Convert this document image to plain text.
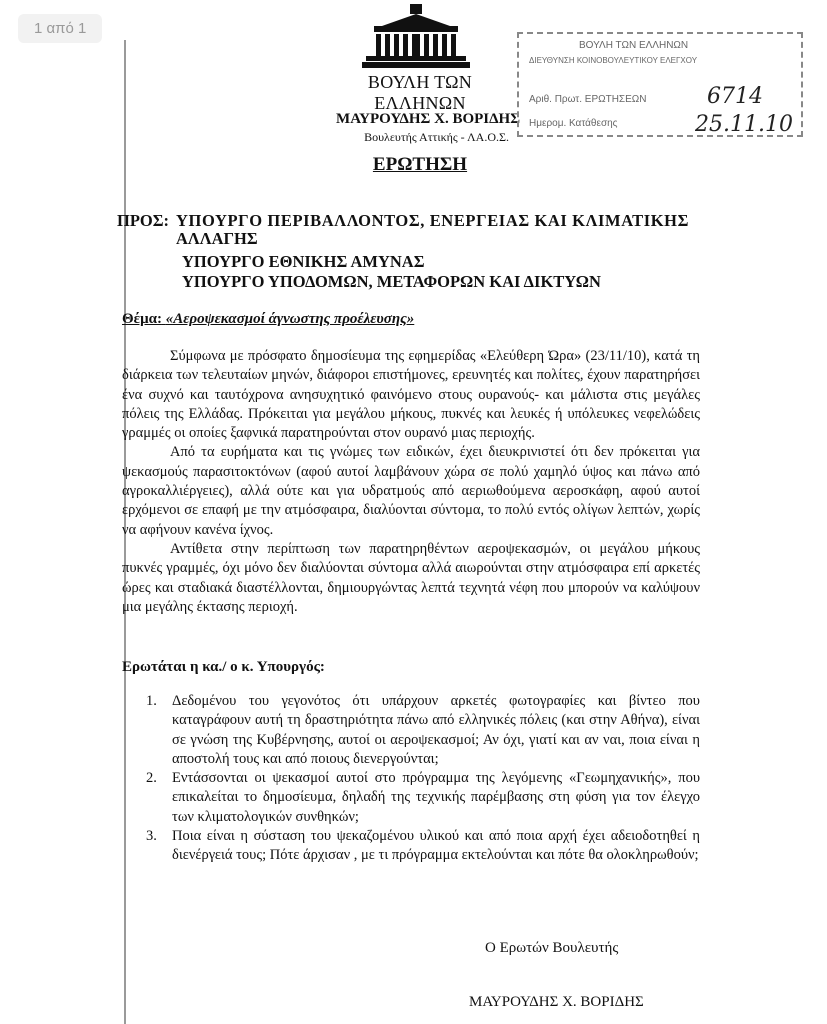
1 από 1
ΒΟΥΛΗ ΤΩΝ ΕΛΛΗΝΩΝ
ΜΑΥΡΟΥΔΗΣ Χ. ΒΟΡΙΔΗΣ
Βουλευτής Αττικής - ΛΑ.Ο.Σ.
ΒΟΥΛΗ ΤΩΝ ΕΛΛΗΝΩΝ
ΔΙΕΥΘΥΝΣΗ ΚΟΙΝΟΒΟΥΛΕΥΤΙΚΟΥ ΕΛΕΓΧΟΥ
Αριθ. Πρωτ. ΕΡΩΤΗΣΕΩΝ
Ημερομ. Κατάθεσης
6714
25.11.10
ΕΡΩΤΗΣΗ
ΠΡΟΣ: ΥΠΟΥΡΓΟ ΠΕΡΙΒΑΛΛΟΝΤΟΣ, ΕΝΕΡΓΕΙΑΣ ΚΑΙ ΚΛΙΜΑΤΙΚΗΣ
ΑΛΛΑΓΗΣ
ΥΠΟΥΡΓΟ ΕΘΝΙΚΗΣ ΑΜΥΝΑΣ
ΥΠΟΥΡΓΟ ΥΠΟΔΟΜΩΝ, ΜΕΤΑΦΟΡΩΝ ΚΑΙ ΔΙΚΤΥΩΝ
Θέμα: «Αεροψεκασμοί άγνωστης προέλευσης»

Σύμφωνα με πρόσφατο δημοσίευμα της εφημερίδας «Ελεύθερη Ώρα» (23/11/10), κατά τη διάρκεια των τελευταίων μηνών, διάφοροι επιστήμονες, ερευνητές και πολίτες, έχουν παρατηρήσει ένα συχνό και ταυτόχρονα ανησυχητικό φαινόμενο στους ουρανούς- και μάλιστα στις μεγάλες πόλεις της Ελλάδας. Πρόκειται για μεγάλου μήκους, πυκνές και λευκές ή υπόλευκες νεφελώδεις γραμμές οι οποίες ξαφνικά παρατηρούνται στον ουρανό μιας περιοχής.

Από τα ευρήματα και τις γνώμες των ειδικών, έχει διευκρινιστεί ότι δεν πρόκειται για ψεκασμούς παρασιτοκτόνων (αφού αυτοί λαμβάνουν χώρα σε πολύ χαμηλό ύψος και πάνω από αγροκαλλιέργειες), αλλά ούτε και για υδρατμούς από αεριωθούμενα αεροσκάφη, αφού αυτοί ερχόμενοι σε επαφή με την ατμόσφαιρα, διαλύονται σύντομα, το πολύ εντός ολίγων λεπτών, χωρίς να αφήνουν κανένα ίχνος.

Αντίθετα στην περίπτωση των παρατηρηθέντων αεροψεκασμών, οι μεγάλου μήκους πυκνές γραμμές, όχι μόνο δεν διαλύονται σύντομα αλλά αιωρούνται στην ατμόσφαιρα επί αρκετές ώρες και σταδιακά διαστέλλονται, δημιουργώντας λεπτά τεχνητά νέφη που μπορούν να καλύψουν μια μεγάλης έκτασης περιοχή.

Ερωτάται η κα./ ο κ. Υπουργός:
1. Δεδομένου του γεγονότος ότι υπάρχουν αρκετές φωτογραφίες και βίντεο που καταγράφουν αυτή τη δραστηριότητα πάνω από ελληνικές πόλεις (και στην Αθήνα), είναι σε γνώση της Κυβέρνησης, αυτοί οι αεροψεκασμοί; Αν όχι, γιατί και αν ναι, ποια είναι η αποστολή τους και από ποιους διενεργούνται;
2. Εντάσσονται οι ψεκασμοί αυτοί στο πρόγραμμα της λεγόμενης «Γεωμηχανικής», που επικαλείται το δημοσίευμα, δηλαδή της τεχνικής παρέμβασης στη φύση για τον έλεγχο των κλιματολογικών συνθηκών;
3. Ποια είναι η σύσταση του ψεκαζομένου υλικού και από ποια αρχή έχει αδειοδοτηθεί η διενέργειά τους; Πότε άρχισαν , με τι πρόγραμμα εκτελούνται και πότε θα ολοκληρωθούν;
Ο Ερωτών Βουλευτής
ΜΑΥΡΟΥΔΗΣ Χ. ΒΟΡΙΔΗΣ
